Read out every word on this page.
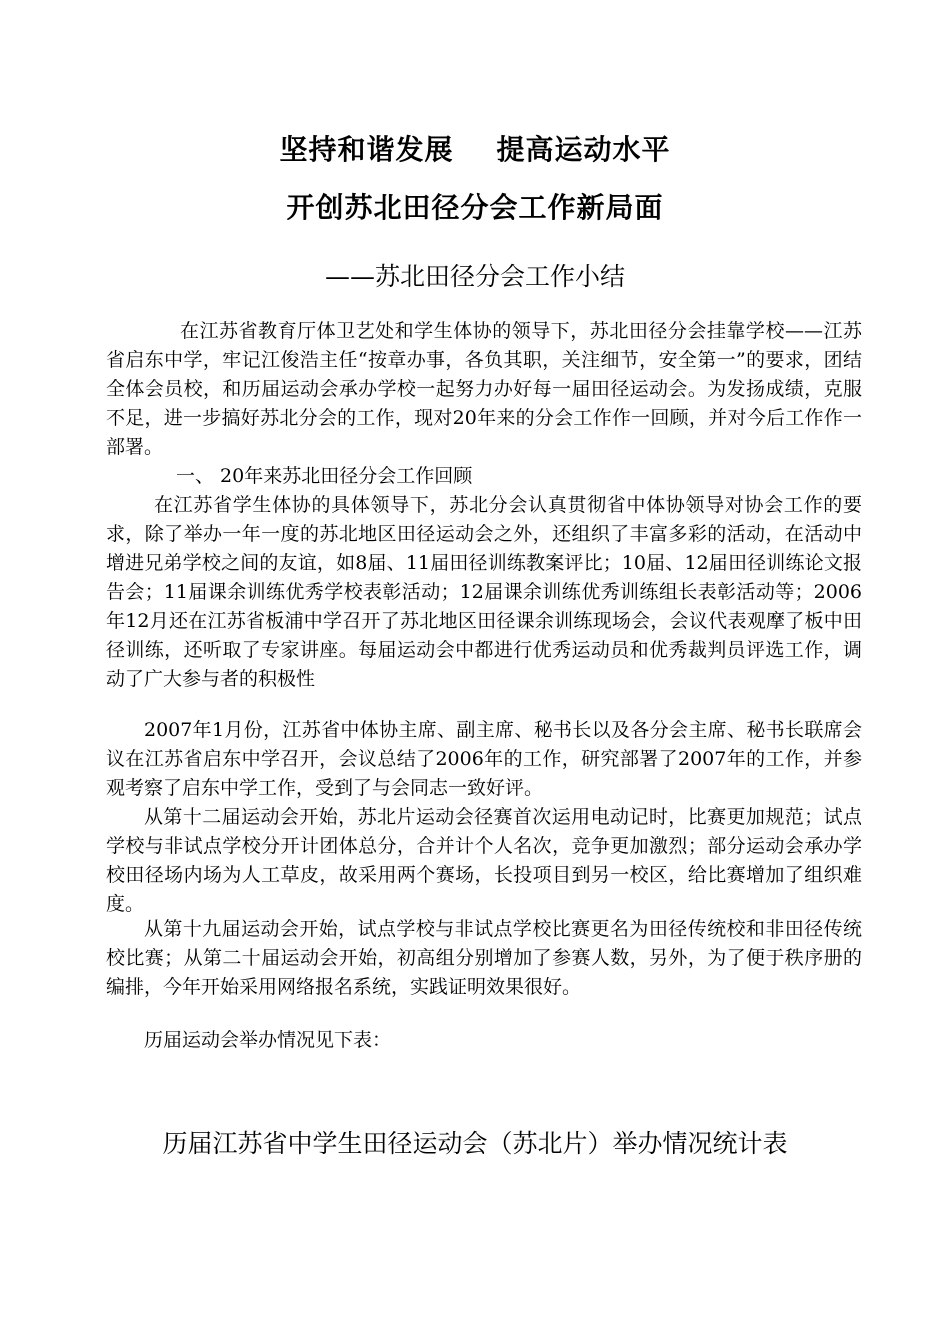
坚持和谐发展    提高运动水平
开创苏北田径分会工作新局面
——苏北田径分会工作小结
在江苏省教育厅体卫艺处和学生体协的领导下，苏北田径分会挂靠学校——江苏省启东中学，牢记江俊浩主任“按章办事，各负其职，关注细节，安全第一”的要求，团结全体会员校，和历届运动会承办学校一起努力办好每一届田径运动会。为发扬成绩，克服不足，进一步搞好苏北分会的工作，现对20年来的分会工作作一回顾，并对今后工作作一部署。
一、 20年来苏北田径分会工作回顾
在江苏省学生体协的具体领导下，苏北分会认真贯彻省中体协领导对协会工作的要求，除了举办一年一度的苏北地区田径运动会之外，还组织了丰富多彩的活动，在活动中增进兄弟学校之间的友谊，如8届、11届田径训练教案评比；10届、12届田径训练论文报告会；11届课余训练优秀学校表彰活动；12届课余训练优秀训练组长表彰活动等；2006年12月还在江苏省板浦中学召开了苏北地区田径课余训练现场会，会议代表观摩了板中田径训练，还听取了专家讲座。每届运动会中都进行优秀运动员和优秀裁判员评选工作，调动了广大参与者的积极性
2007年1月份，江苏省中体协主席、副主席、秘书长以及各分会主席、秘书长联席会议在江苏省启东中学召开，会议总结了2006年的工作，研究部署了2007年的工作，并参观考察了启东中学工作，受到了与会同志一致好评。
从第十二届运动会开始，苏北片运动会径赛首次运用电动记时，比赛更加规范；试点学校与非试点学校分开计团体总分，合并计个人名次，竞争更加激烈；部分运动会承办学校田径场内场为人工草皮，故采用两个赛场，长投项目到另一校区，给比赛增加了组织难度。
从第十九届运动会开始，试点学校与非试点学校比赛更名为田径传统校和非田径传统校比赛；从第二十届运动会开始，初高组分别增加了参赛人数，另外，为了便于秩序册的编排，今年开始采用网络报名系统，实践证明效果很好。
历届运动会举办情况见下表：
历届江苏省中学生田径运动会（苏北片）举办情况统计表
